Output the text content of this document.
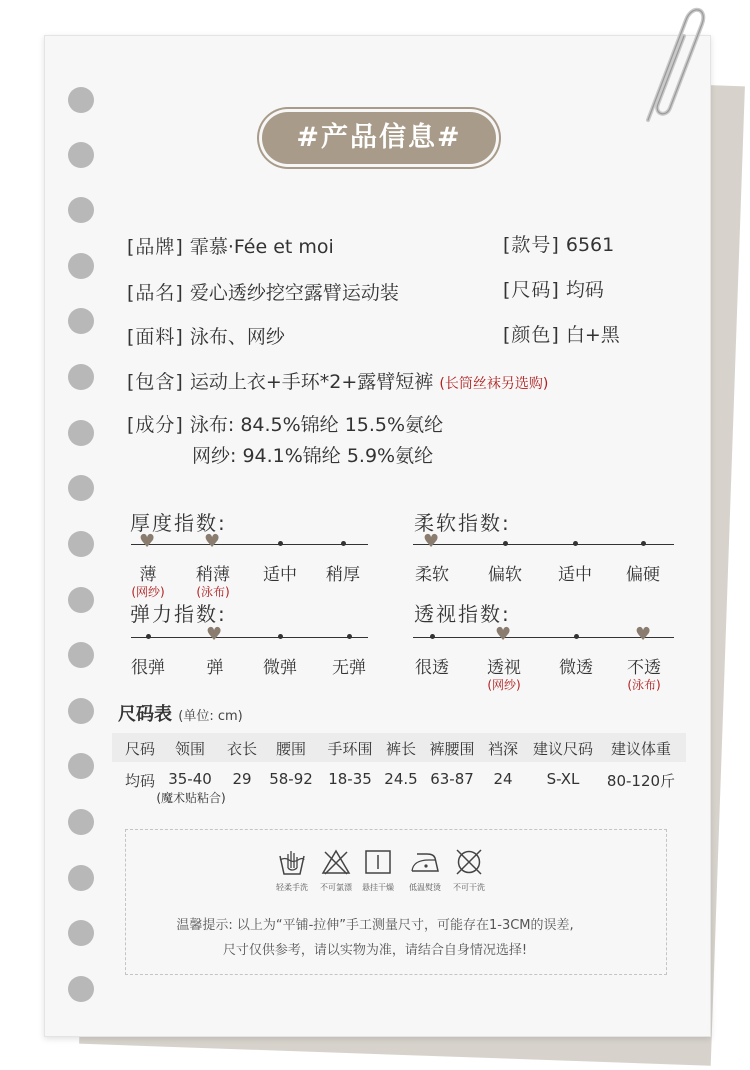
#产品信息#
[品牌] 霏慕·Fée et moi	[款号] 6561
[品名] 爱心透纱挖空露臂运动装	[尺码] 均码
[面料] 泳布、网纱	[颜色] 白+黑
[包含] 运动上衣+手环*2+露臂短裤 (长筒丝袜另选购)
[成分] 泳布: 84.5%锦纶 15.5%氨纶
网纱: 94.1%锦纶 5.9%氨纶
厚度指数:	柔软指数:
弹力指数:	透视指数:
♥
薄
(网纱)
♥
稍薄
(泳布)
适中 稍厚
♥
柔软 偏软 适中 偏硬
很弹
♥
弹 微弹 无弹	很透
♥
透视
(网纱)
微透
♥
不透
(泳布)
尺码表 (单位: cm)
尺码 领围 衣长 腰围 手环围 裤长 裤腰围 裆深 建议尺码 建议体重
均码 35-40 29 58-92 18-35 24.5 63-87 24 S-XL 80-120斤
(魔术贴粘合)
轻柔手洗 不可氯漂 悬挂干燥 低温熨烫 不可干洗
温馨提示: 以上为“平铺-拉伸”手工测量尺寸，可能存在1-3CM的误差,
尺寸仅供参考，请以实物为准，请结合自身情况选择!
